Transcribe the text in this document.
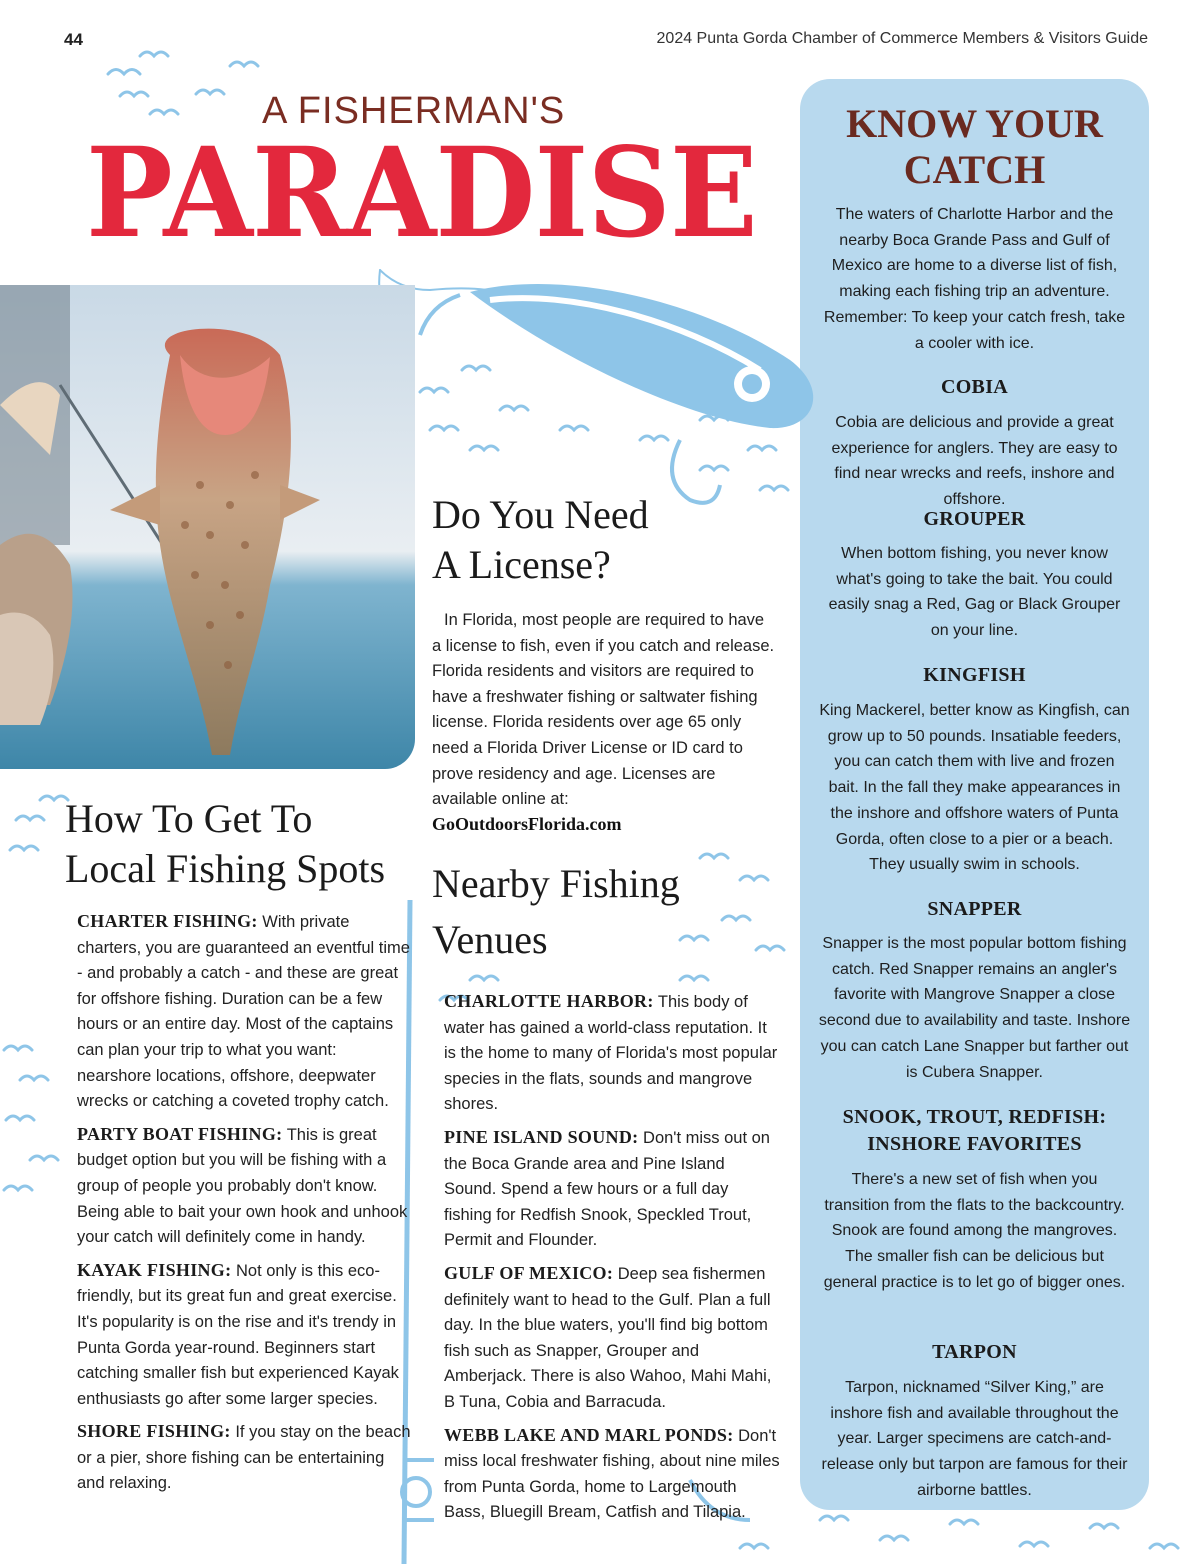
44	2024 Punta Gorda Chamber of Commerce Members & Visitors Guide
A FISHERMAN'S
PARADISE
Do You Need
A License?
In Florida, most people are required to have a license to fish, even if you catch and release. Florida residents and visitors are required to have a freshwater fishing or saltwater fishing license. Florida residents over age 65 only need a Florida Driver License or ID card to prove residency and age. Licenses are available online at:
GoOutdoorsFlorida.com
How To Get To
Local Fishing Spots

CHARTER FISHING: With private charters, you are guaranteed an eventful time - and probably a catch - and these are great for offshore fishing. Duration can be a few hours or an entire day. Most of the captains can plan your trip to what you want: nearshore locations, offshore, deepwater wrecks or catching a coveted trophy catch.

PARTY BOAT FISHING: This is great budget option but you will be fishing with a group of people you probably don't know. Being able to bait your own hook and unhook your catch will definitely come in handy.

KAYAK FISHING: Not only is this eco-friendly, but its great fun and great exercise. It's popularity is on the rise and it's trendy in Punta Gorda year-round. Beginners start catching smaller fish but experienced Kayak enthusiasts go after some larger species.

SHORE FISHING: If you stay on the beach or a pier, shore fishing can be entertaining and relaxing.

Nearby Fishing
Venues

CHARLOTTE HARBOR: This body of water has gained a world-class reputation. It is the home to many of Florida's most popular species in the flats, sounds and mangrove shores.

PINE ISLAND SOUND: Don't miss out on the Boca Grande area and Pine Island Sound. Spend a few hours or a full day fishing for Redfish Snook, Speckled Trout, Permit and Flounder.

GULF OF MEXICO: Deep sea fishermen definitely want to head to the Gulf. Plan a full day. In the blue waters, you'll find big bottom fish such as Snapper, Grouper and Amberjack. There is also Wahoo, Mahi Mahi, B Tuna, Cobia and Barracuda.

WEBB LAKE AND MARL PONDS: Don't miss local freshwater fishing, about nine miles from Punta Gorda, home to Largemouth Bass, Bluegill Bream, Catfish and Tilapia.

KNOW YOUR
CATCH
The waters of Charlotte Harbor and the nearby Boca Grande Pass and Gulf of Mexico are home to a diverse list of fish, making each fishing trip an adventure. Remember: To keep your catch fresh, take a cooler with ice.
COBIA
Cobia are delicious and provide a great experience for anglers. They are easy to find near wrecks and reefs, inshore and offshore.
GROUPER
When bottom fishing, you never know what's going to take the bait. You could easily snag a Red, Gag or Black Grouper on your line.
KINGFISH
King Mackerel, better know as Kingfish, can grow up to 50 pounds. Insatiable feeders, you can catch them with live and frozen bait. In the fall they make appearances in the inshore and offshore waters of Punta Gorda, often close to a pier or a beach. They usually swim in schools.
SNAPPER
Snapper is the most popular bottom fishing catch. Red Snapper remains an angler's favorite with Mangrove Snapper a close second due to availability and taste. Inshore you can catch Lane Snapper but farther out is Cubera Snapper.
SNOOK, TROUT, REDFISH: INSHORE FAVORITES
There's a new set of fish when you transition from the flats to the backcountry. Snook are found among the mangroves. The smaller fish can be delicious but general practice is to let go of bigger ones.
TARPON
Tarpon, nicknamed “Silver King,” are inshore fish and available throughout the year. Larger specimens are catch-and-release only but tarpon are famous for their airborne battles.
